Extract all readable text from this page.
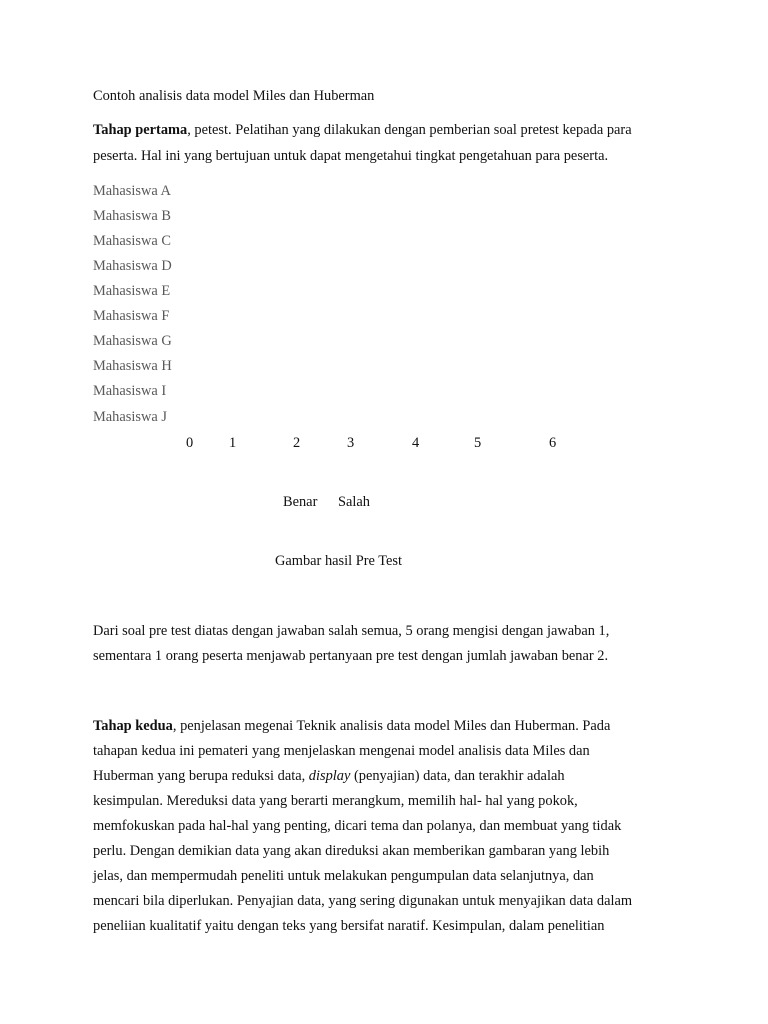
Contoh analisis data model Miles dan Huberman
Tahap pertama, petest. Pelatihan yang dilakukan dengan pemberian soal pretest kepada para
peserta. Hal ini yang bertujuan untuk dapat mengetahui tingkat pengetahuan para peserta.
Mahasiswa A
Mahasiswa B
Mahasiswa C
Mahasiswa D
Mahasiswa E
Mahasiswa F
Mahasiswa G
Mahasiswa H
Mahasiswa I
Mahasiswa J
0 1	2	3	4	5	6
Benar Salah
Gambar hasil Pre Test
Dari soal pre test diatas dengan jawaban salah semua, 5 orang mengisi dengan jawaban 1,
sementara 1 orang peserta menjawab pertanyaan pre test dengan jumlah jawaban benar 2.
Tahap kedua, penjelasan megenai Teknik analisis data model Miles dan Huberman. Pada
tahapan kedua ini pemateri yang menjelaskan mengenai model analisis data Miles dan
Huberman yang berupa reduksi data, display (penyajian) data, dan terakhir adalah
kesimpulan. Mereduksi data yang berarti merangkum, memilih hal- hal yang pokok,
memfokuskan pada hal-hal yang penting, dicari tema dan polanya, dan membuat yang tidak
perlu. Dengan demikian data yang akan direduksi akan memberikan gambaran yang lebih
jelas, dan mempermudah peneliti untuk melakukan pengumpulan data selanjutnya, dan
mencari bila diperlukan. Penyajian data, yang sering digunakan untuk menyajikan data dalam
peneliian kualitatif yaitu dengan teks yang bersifat naratif. Kesimpulan, dalam penelitian
